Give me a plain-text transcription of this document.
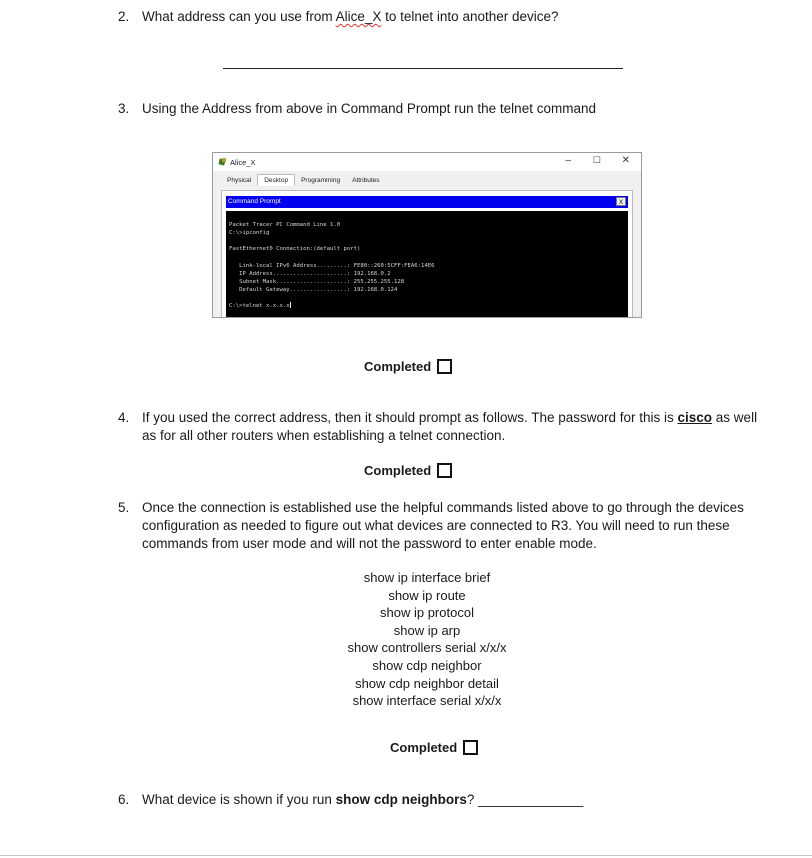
2. What address can you use from Alice_X to telnet into another device?
3. Using the Address from above in Command Prompt run the telnet command
Alice_X	– ☐ ✕
Physical	Desktop	Programming	Attributes
Command Prompt	X

Packet Tracer PC Command Line 1.0
C:\>ipconfig

FastEthernet0 Connection:(default port)

Link-local IPv6 Address.........: FE80::260:5CFF:FEA6:14E6
IP Address......................: 192.168.0.2
Subnet Mask.....................: 255.255.255.128
Default Gateway.................: 192.168.0.124

C:\>telnet x.x.x.x
Completed
4. If you used the correct address, then it should prompt as follows. The password for this is cisco as well
as for all other routers when establishing a telnet connection.
Completed
5. Once the connection is established use the helpful commands listed above to go through the devices
configuration as needed to figure out what devices are connected to R3. You will need to run these
commands from user mode and will not the password to enter enable mode.
show ip interface brief
show ip route
show ip protocol
show ip arp
show controllers serial x/x/x
show cdp neighbor
show cdp neighbor detail
show interface serial x/x/x
Completed
6. What device is shown if you run show cdp neighbors? ______________
